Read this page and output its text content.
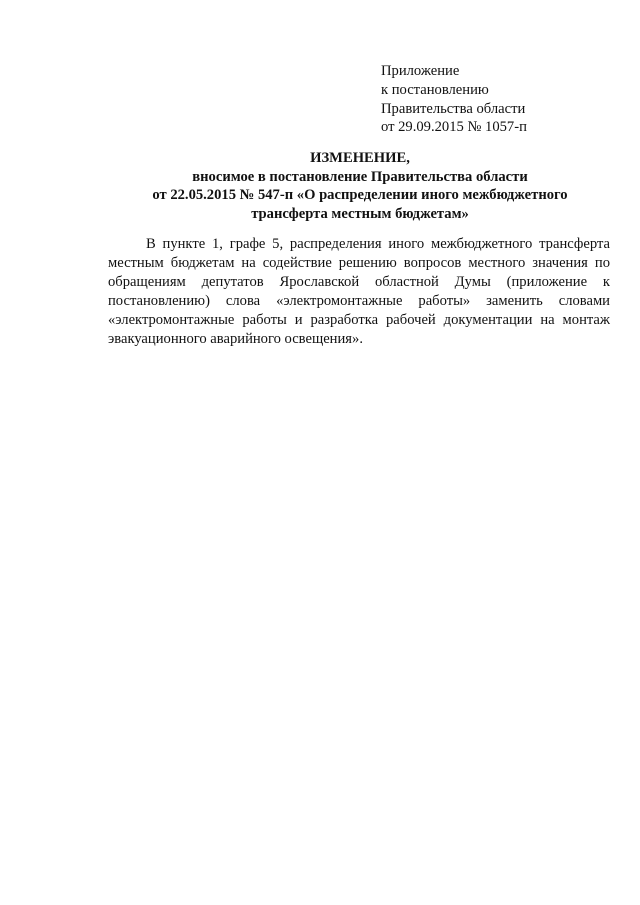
Приложение
к постановлению
Правительства области
от 29.09.2015 № 1057-п
ИЗМЕНЕНИЕ,
вносимое в постановление Правительства области
от 22.05.2015 № 547-п «О распределении иного межбюджетного
трансферта местным бюджетам»
В пункте 1, графе 5, распределения иного межбюджетного трансферта
местным бюджетам на содействие решению вопросов местного значения по
обращениям депутатов Ярославской областной Думы (приложение к
постановлению) слова «электромонтажные работы» заменить словами
«электромонтажные работы и разработка рабочей документации на монтаж
эвакуационного аварийного освещения».
